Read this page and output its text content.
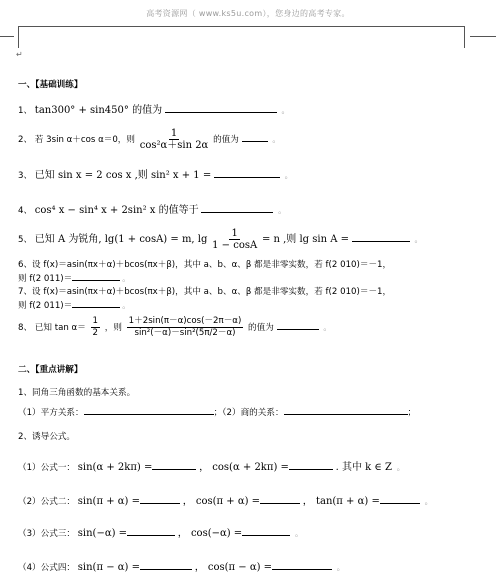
高考资源网（ www.ks5u.com），您身边的高考专家。
↵
一、【基础训练】
1、 tan300° + sin450° 的值为	。
2、 若 3sin α＋cos α＝0，则 $\frac{1}{\text{cos²α＋sin 2α}}$ 的值为	。
3、 已知 sin x = 2 cos x ,则 sin² x + 1 =	。
4、 cos⁴ x − sin⁴ x + 2sin² x 的值等于	。
5、 已知 A 为锐角, lg(1 + cosA) = m, $\lg \frac{1}{1 - \cos A} = n$ ,则 lg sin A =	。
6、设 f(x)＝asin(πx＋α)＋bcos(πx＋β)，其中 a、b、α、β 都是非零实数，若 f(2 010)＝－1，
则 f(2 011)＝	。
7、设 f(x)＝asin(πx＋α)＋bcos(πx＋β)，其中 a、b、α、β 都是非零实数，若 f(2 010)＝－1，
则 f(2 011)＝	。
8、 已知 $\tan \alpha= \frac{1}{2}$ ，则 $\frac{1+2\sin(\pi-\alpha)\cos(-2\pi-\alpha)}{\text{sin²(－α)－sin²(5π/2－α)}}$ 的值为	。
二、【重点讲解】
1、同角三角函数的基本关系。
（1）平方关系：	；（2）商的关系：	；
2、诱导公式。
（1）公式一： sin(α + 2kπ) =	， cos(α + 2kπ) =	. 其中 k ∈ Z 。
（2）公式二： sin(π + α) =	， cos(π + α) =	， tan(π + α) =	。
（3）公式三： sin(−α) =	， cos(−α) =	。
（4）公式四： sin(π − α) =	， cos(π − α) =	。
